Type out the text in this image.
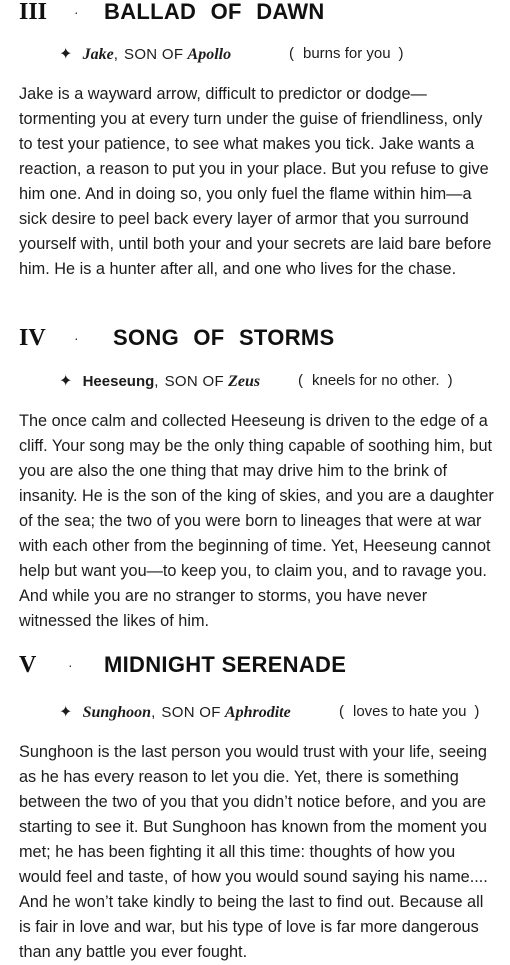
III · BALLAD OF DAWN
✦ Jake, SON OF Apollo	( burns for you )

Jake is a wayward arrow, difficult to predictor or dodge—tormenting you at every turn under the guise of friendliness, only to test your patience, to see what makes you tick. Jake wants a reaction, a reason to put you in your place. But you refuse to give him one. And in doing so, you only fuel the flame within him—a sick desire to peel back every layer of armor that you surround yourself with, until both your and your secrets are laid bare before him. He is a hunter after all, and one who lives for the chase.

IV · SONG OF STORMS
✦ Heeseung, SON OF Zeus	( kneels for no other. )

The once calm and collected Heeseung is driven to the edge of a cliff. Your song may be the only thing capable of soothing him, but you are also the one thing that may drive him to the brink of insanity. He is the son of the king of skies, and you are a daughter of the sea; the two of you were born to lineages that were at war with each other from the beginning of time. Yet, Heeseung cannot help but want you—to keep you, to claim you, and to ravage you. And while you are no stranger to storms, you have never witnessed the likes of him.

V · MIDNIGHT SERENADE
✦ Sunghoon, SON OF Aphrodite	( loves to hate you )

Sunghoon is the last person you would trust with your life, seeing as he has every reason to let you die. Yet, there is something between the two of you that you didn’t notice before, and you are starting to see it. But Sunghoon has known from the moment you met; he has been fighting it all this time: thoughts of how you would feel and taste, of how you would sound saying his name.... And he won’t take kindly to being the last to find out. Because all is fair in love and war, but his type of love is far more dangerous than any battle you ever fought.
